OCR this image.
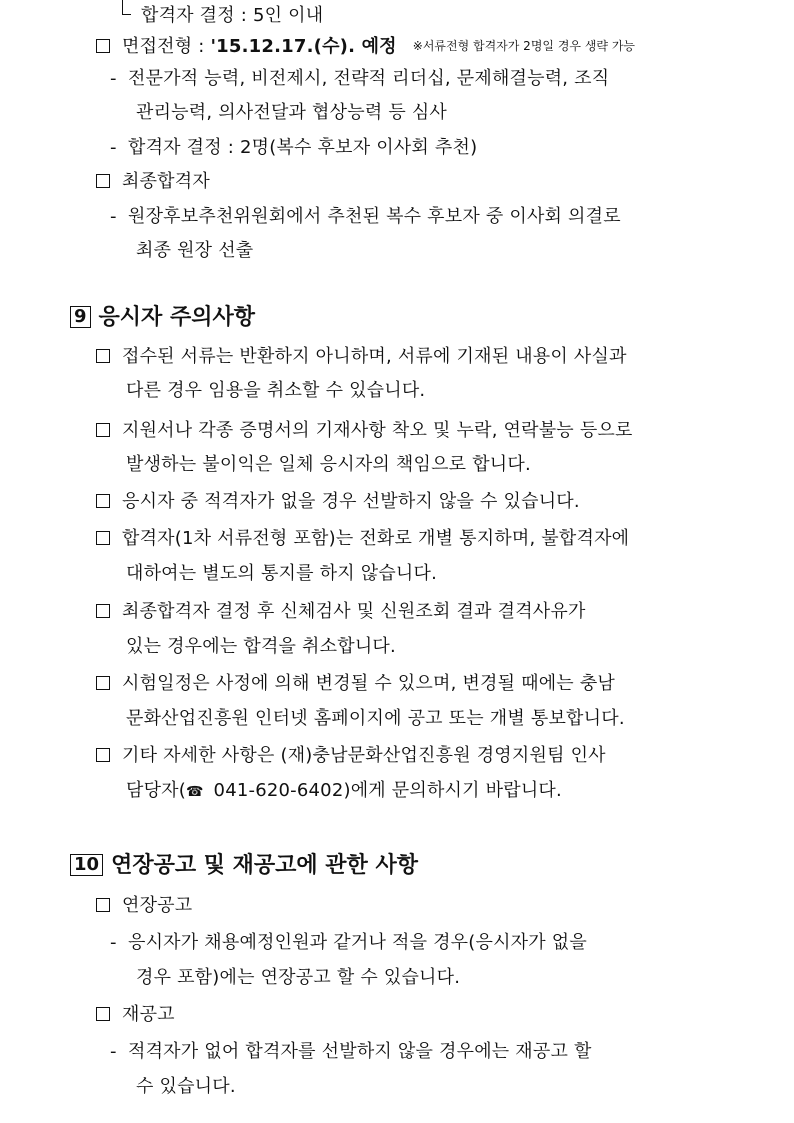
합격자 결정 : 5인 이내
면접전형 : '15.12.17.(수). 예정 ※서류전형 합격자가 2명일 경우 생략 가능
- 전문가적 능력, 비전제시, 전략적 리더십, 문제해결능력, 조직
관리능력, 의사전달과 협상능력 등 심사
- 합격자 결정 : 2명(복수 후보자 이사회 추천)
최종합격자
- 원장후보추천위원회에서 추천된 복수 후보자 중 이사회 의결로
최종 원장 선출
9 응시자 주의사항
접수된 서류는 반환하지 아니하며, 서류에 기재된 내용이 사실과
다른 경우 임용을 취소할 수 있습니다.
지원서나 각종 증명서의 기재사항 착오 및 누락, 연락불능 등으로
발생하는 불이익은 일체 응시자의 책임으로 합니다.
응시자 중 적격자가 없을 경우 선발하지 않을 수 있습니다.
합격자(1차 서류전형 포함)는 전화로 개별 통지하며, 불합격자에
대하여는 별도의 통지를 하지 않습니다.
최종합격자 결정 후 신체검사 및 신원조회 결과 결격사유가
있는 경우에는 합격을 취소합니다.
시험일정은 사정에 의해 변경될 수 있으며, 변경될 때에는 충남
문화산업진흥원 인터넷 홈페이지에 공고 또는 개별 통보합니다.
기타 자세한 사항은 (재)충남문화산업진흥원 경영지원팀 인사
담당자(☎ 041-620-6402)에게 문의하시기 바랍니다.
10 연장공고 및 재공고에 관한 사항
연장공고
- 응시자가 채용예정인원과 같거나 적을 경우(응시자가 없을
경우 포함)에는 연장공고 할 수 있습니다.
재공고
- 적격자가 없어 합격자를 선발하지 않을 경우에는 재공고 할
수 있습니다.
